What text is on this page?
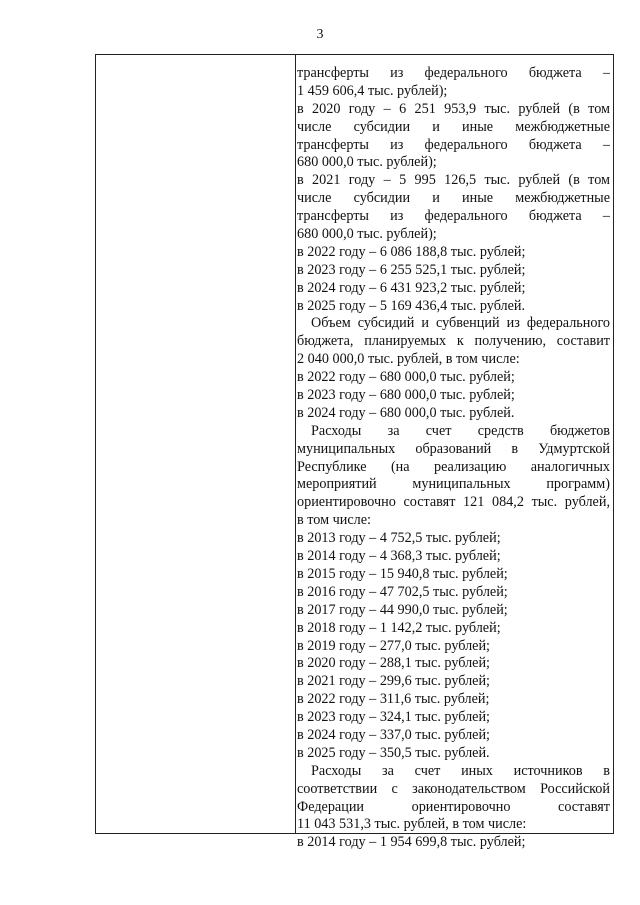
3
трансферты из федерального бюджета –
1 459 606,4 тыс. рублей);
в 2020 году – 6 251 953,9 тыс. рублей (в том
числе субсидии и иные межбюджетные
трансферты из федерального бюджета –
680 000,0 тыс. рублей);
в 2021 году – 5 995 126,5 тыс. рублей (в том
числе субсидии и иные межбюджетные
трансферты из федерального бюджета –
680 000,0 тыс. рублей);
в 2022 году – 6 086 188,8 тыс. рублей;
в 2023 году – 6 255 525,1 тыс. рублей;
в 2024 году – 6 431 923,2 тыс. рублей;
в 2025 году – 5 169 436,4 тыс. рублей.
Объем субсидий и субвенций из федерального
бюджета, планируемых к получению, составит
2 040 000,0 тыс. рублей, в том числе:
в 2022 году – 680 000,0 тыс. рублей;
в 2023 году – 680 000,0 тыс. рублей;
в 2024 году – 680 000,0 тыс. рублей.
Расходы за счет средств бюджетов
муниципальных образований в Удмуртской
Республике (на реализацию аналогичных
мероприятий муниципальных программ)
ориентировочно составят 121 084,2 тыс. рублей,
в том числе:
в 2013 году – 4 752,5 тыс. рублей;
в 2014 году – 4 368,3 тыс. рублей;
в 2015 году – 15 940,8 тыс. рублей;
в 2016 году – 47 702,5 тыс. рублей;
в 2017 году – 44 990,0 тыс. рублей;
в 2018 году – 1 142,2 тыс. рублей;
в 2019 году – 277,0 тыс. рублей;
в 2020 году – 288,1 тыс. рублей;
в 2021 году – 299,6 тыс. рублей;
в 2022 году – 311,6 тыс. рублей;
в 2023 году – 324,1 тыс. рублей;
в 2024 году – 337,0 тыс. рублей;
в 2025 году – 350,5 тыс. рублей.
Расходы за счет иных источников в
соответствии с законодательством Российской
Федерации ориентировочно составят
11 043 531,3 тыс. рублей, в том числе:
в 2014 году – 1 954 699,8 тыс. рублей;
